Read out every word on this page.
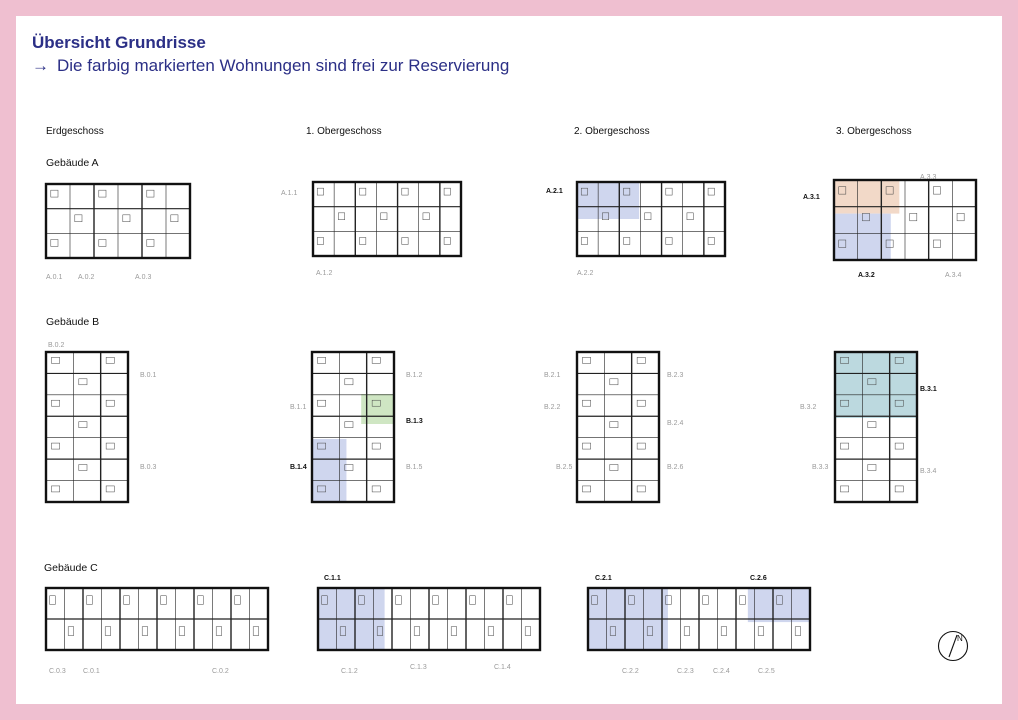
Übersicht Grundrisse
→ Die farbig markierten Wohnungen sind frei zur Reservierung
Erdgeschoss	1. Obergeschoss	2. Obergeschoss	3. Obergeschoss
Gebäude A
Gebäude B
Gebäude C
N
A.0.1 A.0.2	A.0.3
A.1.1
A.1.2
A.2.1
A.2.2
A.3.1
A.3.2
A.3.3
A.3.4
B.0.1
B.0.2
B.0.3
B.1.1
B.1.2
B.1.3
B.1.4	B.1.5
B.2.1
B.2.2
B.2.3
B.2.4
B.2.5	B.2.6
B.3.1
B.3.2
B.3.3
B.3.4
C.0.1	C.0.2
C.0.3
C.1.1
C.1.2
C.1.3	C.1.4
C.2.1
C.2.2	C.2.3	C.2.4	C.2.5
C.2.6
